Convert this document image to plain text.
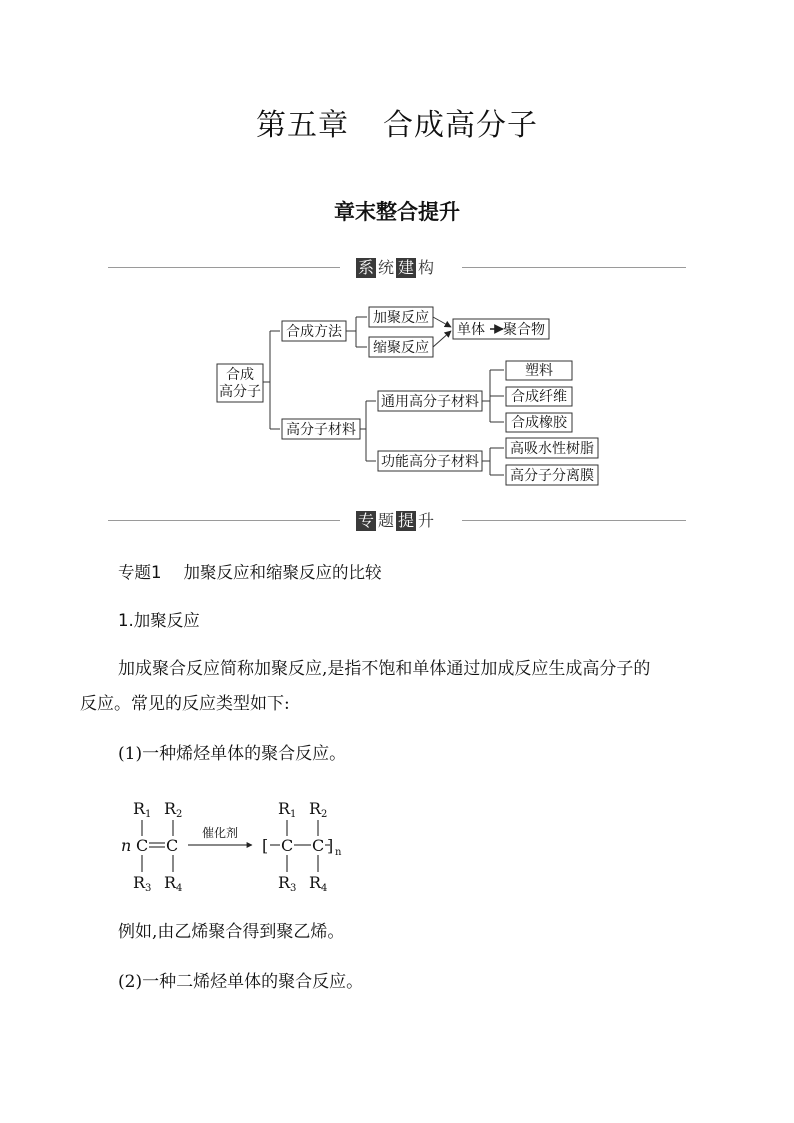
第五章 合成高分子
章末整合提升
系 统 建 构
合成
高分子
合成方法
高分子材料
加聚反应
缩聚反应
单体 聚合物
通用高分子材料
功能高分子材料
塑料
合成纤维
合成橡胶
高吸水性树脂
高分子分离膜
专 题 提 升
专题1 加聚反应和缩聚反应的比较
1.加聚反应
加成聚合反应简称加聚反应,是指不饱和单体通过加成反应生成高分子的
反应。常见的反应类型如下:
(1)一种烯烃单体的聚合反应。
R1 R2
n C C
R3 R4
催化剂
R1 R2
[ C C ] n
R3 R4
例如,由乙烯聚合得到聚乙烯。
(2)一种二烯烃单体的聚合反应。
